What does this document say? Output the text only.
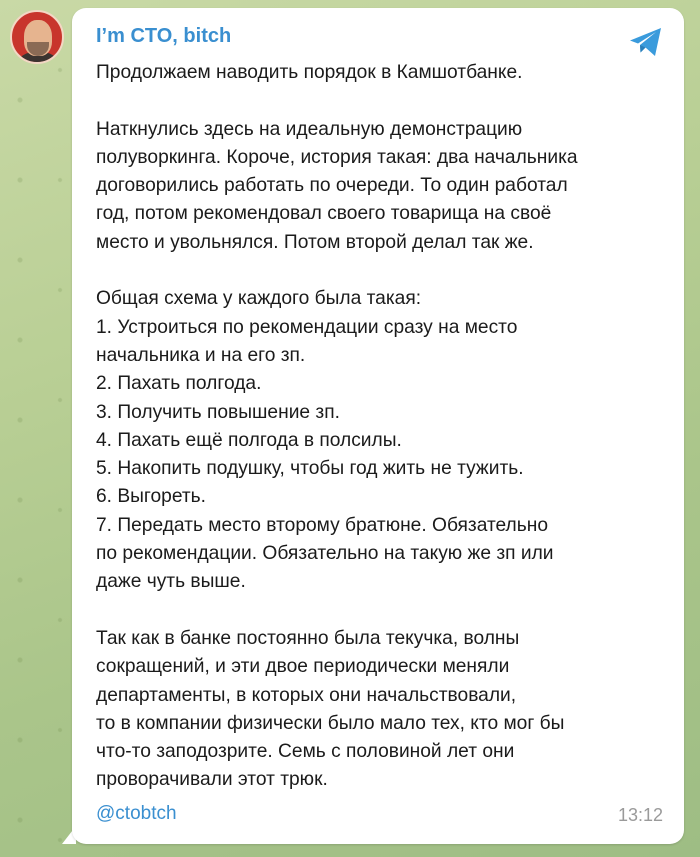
I’m CTO, bitch

Продолжаем наводить порядок в Камшотбанке.

Наткнулись здесь на идеальную демонстрацию
полуворкинга. Короче, история такая: два начальника
договорились работать по очереди. То один работал
год, потом рекомендовал своего товарища на своё
место и увольнялся. Потом второй делал так же.

Общая схема у каждого была такая:
1. Устроиться по рекомендации сразу на место
начальника и на его зп.
2. Пахать полгода.
3. Получить повышение зп.
4. Пахать ещё полгода в полсилы.
5. Накопить подушку, чтобы год жить не тужить.
6. Выгореть.
7. Передать место второму братюне. Обязательно
по рекомендации. Обязательно на такую же зп или
даже чуть выше.

Так как в банке постоянно была текучка, волны
сокращений, и эти двое периодически меняли
департаменты, в которых они начальствовали,
то в компании физически было мало тех, кто мог бы
что-то заподозрите. Семь с половиной лет они
проворачивали этот трюк.

@ctobtch	13:12
